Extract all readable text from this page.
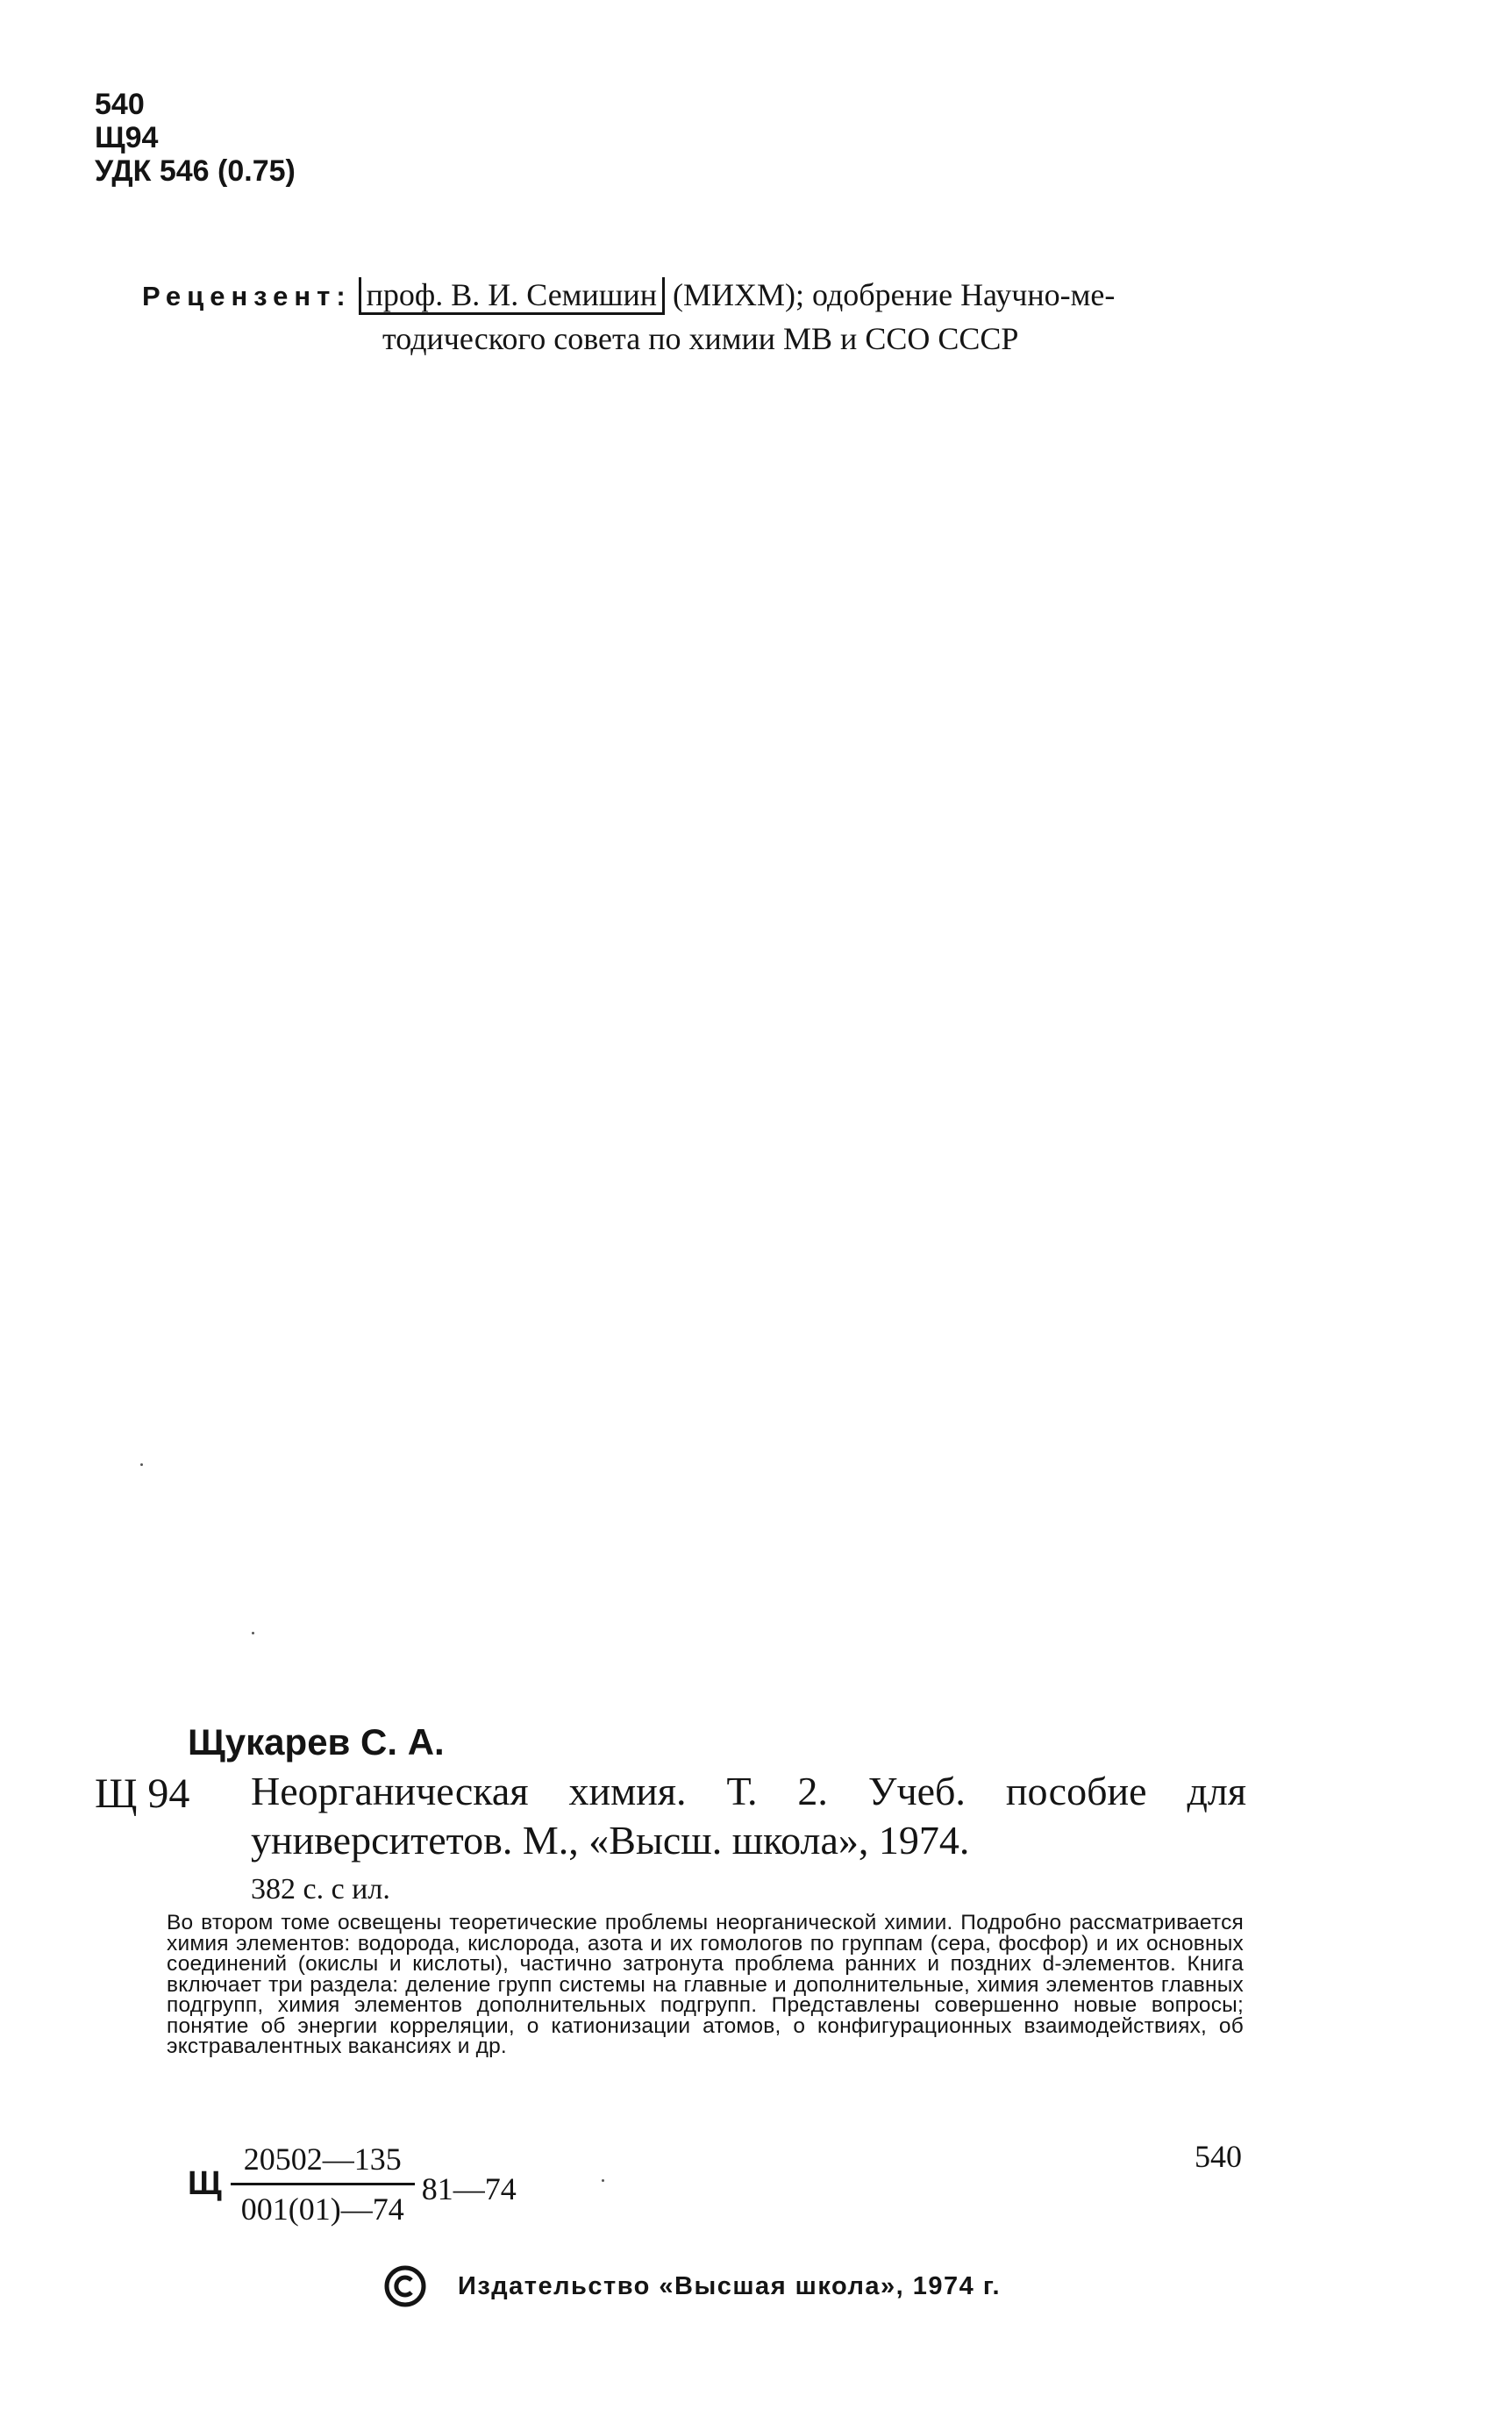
540
Щ94
УДК 546 (0.75)
Рецензент: проф. В. И. Семишин (МИХМ); одобрение Научно-ме-
тодического совета по химии МВ и ССО СССР
Щукарев С. А.
Щ 94 Неорганическая химия. Т. 2. Учеб. пособие для университетов. М., «Высш. школа», 1974.
382 с. с ил.
Во втором томе освещены теоретические проблемы неорганической химии. Подробно рассматривается химия элементов: водорода, кислорода, азота и их гомологов по группам (сера, фосфор) и их основных соединений (окислы и кислоты), частично затронута проблема ранних и поздних d-элементов. Книга включает три раздела: деление групп системы на главные и дополнительные, химия элементов главных подгрупп, химия элементов дополнительных подгрупп. Представлены совершенно новые вопросы; понятие об энергии корреляции, о катионизации атомов, о конфигурационных взаимодействиях, об экстравалентных вакансиях и др.
Щ $\frac{20502—135}{001(01)—74}$ 81—74
540
Издательство «Высшая школа», 1974 г.
